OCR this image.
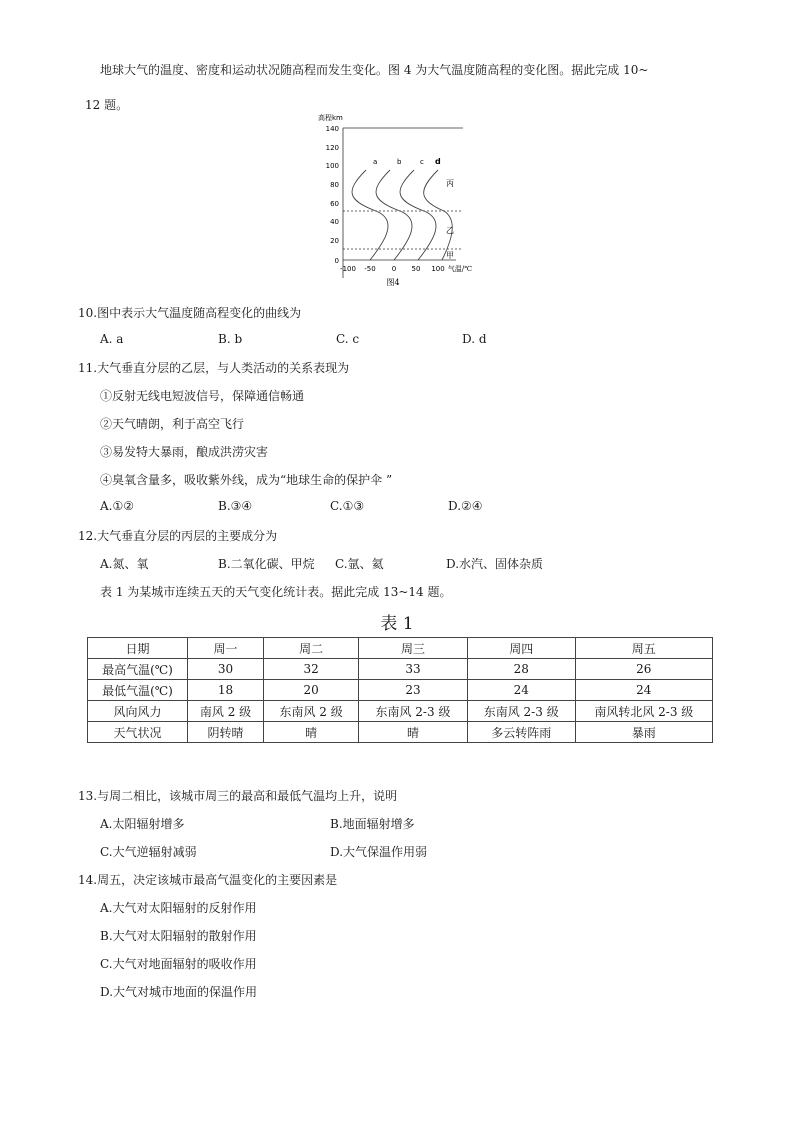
地球大气的温度、密度和运动状况随高程而发生变化。图 4 为大气温度随高程的变化图。据此完成 10~
12 题。
高程km
140
120
100
80
60
40
20
0
a	b	c d
丙
乙
甲
-100 -50 0 50 100 气温/℃
图4
10.图中表示大气温度随高程变化的曲线为
A. a	B. b	C. c	D. d
11.大气垂直分层的乙层，与人类活动的关系表现为
①反射无线电短波信号，保障通信畅通
②天气晴朗，利于高空飞行
③易发特大暴雨，酿成洪涝灾害
④臭氧含量多，吸收紫外线，成为“地球生命的保护伞 ”
A.①②	B.③④	C.①③	D.②④
12.大气垂直分层的丙层的主要成分为
A.氮、氧	B.二氧化碳、甲烷 C.氩、氦	D.水汽、固体杂质
表 1 为某城市连续五天的天气变化统计表。据此完成 13~14 题。
表 1
日期	周一	周二	周三	周四	周五
最高气温(℃)	30	32	33	28	26
最低气温(℃)	18	20	23	24	24
风向风力	南风 2 级	东南风 2 级	东南风 2-3 级	东南风 2-3 级	南风转北风 2-3 级
天气状况	阴转晴	晴	晴	多云转阵雨	暴雨
13.与周二相比，该城市周三的最高和最低气温均上升，说明
A.太阳辐射增多	B.地面辐射增多
C.大气逆辐射减弱	D.大气保温作用弱
14.周五，决定该城市最高气温变化的主要因素是
A.大气对太阳辐射的反射作用
B.大气对太阳辐射的散射作用
C.大气对地面辐射的吸收作用
D.大气对城市地面的保温作用
